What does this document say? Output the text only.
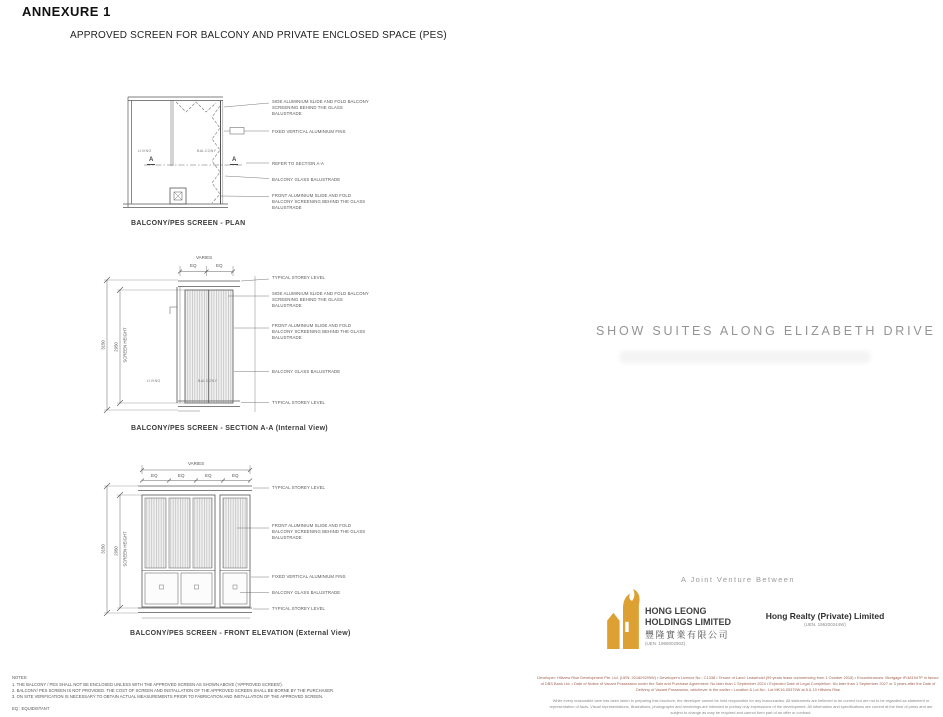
ANNEXURE 1
APPROVED SCREEN FOR BALCONY AND PRIVATE ENCLOSED SPACE (PES)
LIVING	BALCONY
A	A
SIDE ALUMINIUM SLIDE AND FOLD BALCONY SCREENING BEHIND THE GLASS BALUSTRADE
FIXED VERTICAL ALUMINIUM FINS
REFER TO SECTION A-A
BALCONY GLASS BALUSTRADE
FRONT ALUMINIUM SLIDE AND FOLD BALCONY SCREENING BEHIND THE GLASS BALUSTRADE
BALCONY/PES SCREEN - PLAN
VARIES
EQ	EQ
3150 2950 SCREEN HEIGHT
LIVING	BALCONY
TYPICAL STOREY LEVEL
SIDE ALUMINIUM SLIDE AND FOLD BALCONY SCREENING BEHIND THE GLASS BALUSTRADE
FRONT ALUMINIUM SLIDE AND FOLD BALCONY SCREENING BEHIND THE GLASS BALUSTRADE
BALCONY GLASS BALUSTRADE
TYPICAL STOREY LEVEL
BALCONY/PES SCREEN - SECTION A-A (Internal View)
VARIES
EQ	EQ	EQ	EQ
3150 2950 SCREEN HEIGHT
TYPICAL STOREY LEVEL
FRONT ALUMINIUM SLIDE AND FOLD BALCONY SCREENING BEHIND THE GLASS BALUSTRADE
FIXED VERTICAL ALUMINIUM FINS
BALCONY GLASS BALUSTRADE
TYPICAL STOREY LEVEL
BALCONY/PES SCREEN - FRONT ELEVATION (External View)
SHOW SUITES ALONG ELIZABETH DRIVE
A Joint Venture Between
HONG LEONG
HOLDINGS LIMITED
豐隆實業有限公司
(UEN. 196800290Z)
Hong Realty (Private) Limited
(UEN. 196200244W)
NOTES:
1. THE BALCONY / PES SHALL NOT BE ENCLOSED UNLESS WITH THE APPROVED SCREEN AS SHOWN ABOVE ('APPROVED SCREEN').
2. BALCONY/ PES SCREEN IS NOT PROVIDED. THE COST OF SCREEN AND INSTALLATION OF THE APPROVED SCREEN SHALL BE BORNE BY THE PURCHASER.
3. ON SITE VERIFICATION IS NECESSARY TO OBTAIN ACTUAL MEASUREMENTS PRIOR TO FABRICATION AND INSTALLATION OF THE APPROVED SCREEN.
EQ : EQUIDISTANT
Developer: Hillview Rise Development Pte. Ltd. (UEN: 201829299W) • Developer's Licence No.: C1338 • Tenure of Land: Leasehold (99 years lease commencing from 1 October 2018) • Encumbrances: Mortgage IF/481947P in favour of DBS Bank Ltd. • Date of Notice of Vacant Possession under the Sale and Purchase Agreement: No later than 1 September 2024 • Expected Date of Legal Completion: No later than 1 September 2027 or 3 years after the Date of Delivery of Vacant Possession, whichever is the earlier • Location & Lot No.: Lot MK16-05379W at 8 & 10 Hillview Rise
While every reasonable care has been taken in preparing this brochure, the developer cannot be held responsible for any inaccuracies. All statements are believed to be correct but are not to be regarded as statement or representation of facts. Visual representations, illustrations, photographs and renderings are intended to portray only impressions of the development. All information and specifications are current at the time of press and are subject to change as may be required and cannot form part of an offer or contract.
